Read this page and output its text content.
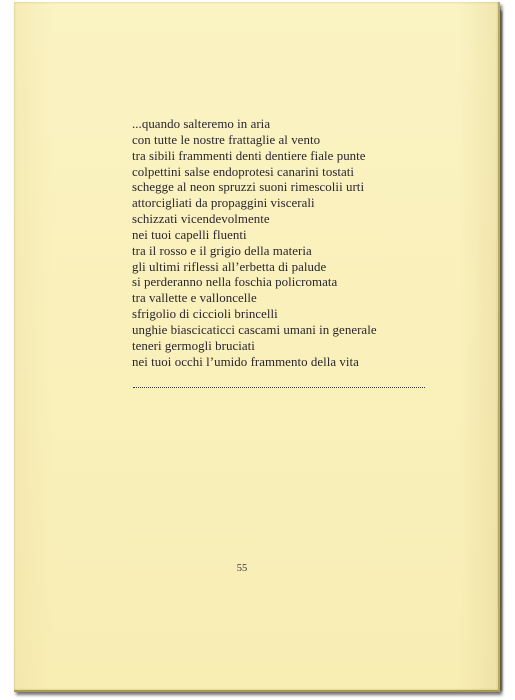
...quando salteremo in aria
con tutte le nostre frattaglie al vento
tra sibili frammenti denti dentiere fiale punte
colpettini salse endoprotesi canarini tostati
schegge al neon spruzzi suoni rimescolii urti
attorcigliati da propaggini viscerali
schizzati vicendevolmente
nei tuoi capelli fluenti
tra il rosso e il grigio della materia
gli ultimi riflessi all’erbetta di palude
si perderanno nella foschia policromata
tra vallette e valloncelle
sfrigolio di ciccioli brincelli
unghie biascicaticci cascami umani in generale
teneri germogli bruciati
nei tuoi occhi l’umido frammento della vita
55
